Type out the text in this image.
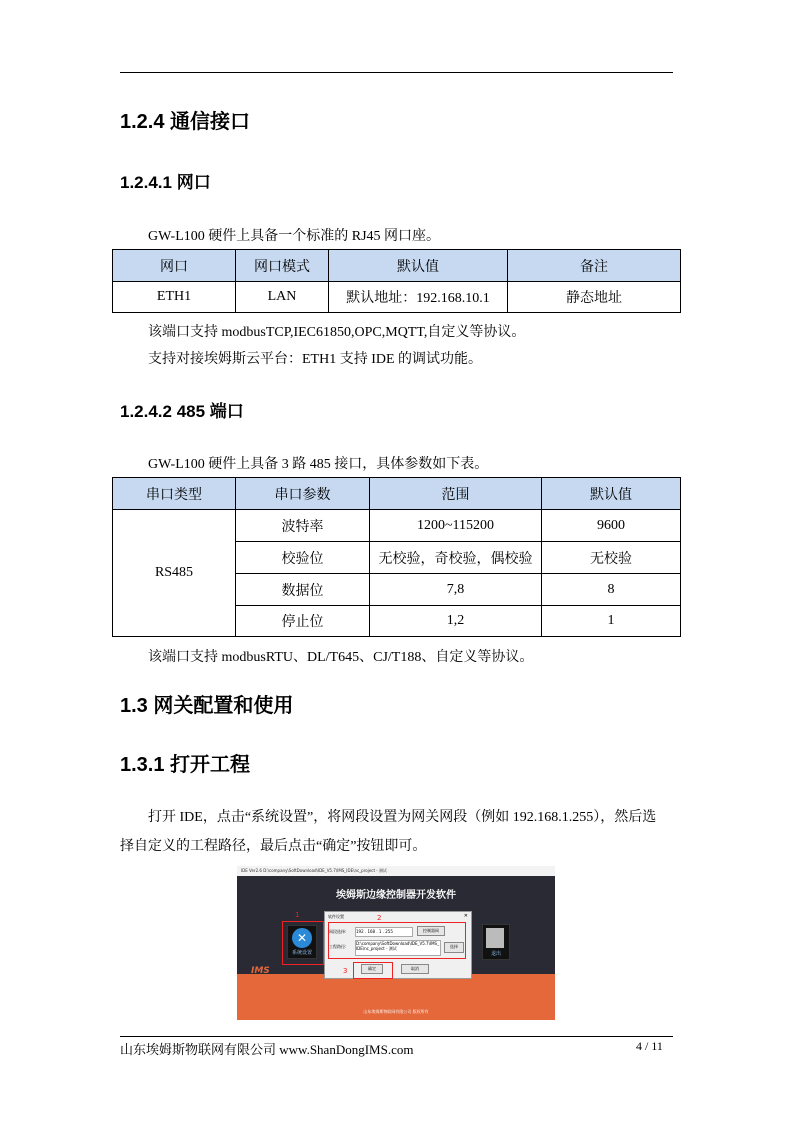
1.2.4 通信接口
1.2.4.1 网口
GW-L100 硬件上具备一个标准的 RJ45 网口座。
网口	网口模式	默认值	备注
ETH1	LAN	默认地址：192.168.10.1	静态地址
该端口支持 modbusTCP,IEC61850,OPC,MQTT,自定义等协议。
支持对接埃姆斯云平台：ETH1 支持 IDE 的调试功能。
1.2.4.2 485 端口
GW-L100 硬件上具备 3 路 485 接口，具体参数如下表。
串口类型	串口参数	范围	默认值
RS485	波特率	1200~115200	9600
	校验位	无校验，奇校验，偶校验	无校验
	数据位	7,8	8
	停止位	1,2	1
该端口支持 modbusRTU、DL/T645、CJ/T188、自定义等协议。
1.3 网关配置和使用
1.3.1 打开工程
打开 IDE，点击“系统设置”，将网段设置为网关网段（例如 192.168.1.255），然后选
择自定义的工程路径，最后点击“确定”按钮即可。
IDE Ver2.6 D:\company\SoftDownload\IDE_V5.7\IMS_IDE\nc_project - 测试
埃姆斯边缘控制器开发软件
✕
系统设置	退出
1
IMS
软件设置	✕
网段选择: 192 . 168 . 1 . 255	控制器网
工程路径:
D:\company\SoftDownload\IDE_V5.7\IMS_IDE\nc_project - 测试	选择
确定	取消
2
3
山东埃姆斯物联网有限公司 版权所有
山东埃姆斯物联网有限公司 www.ShanDongIMS.com	4 / 11
